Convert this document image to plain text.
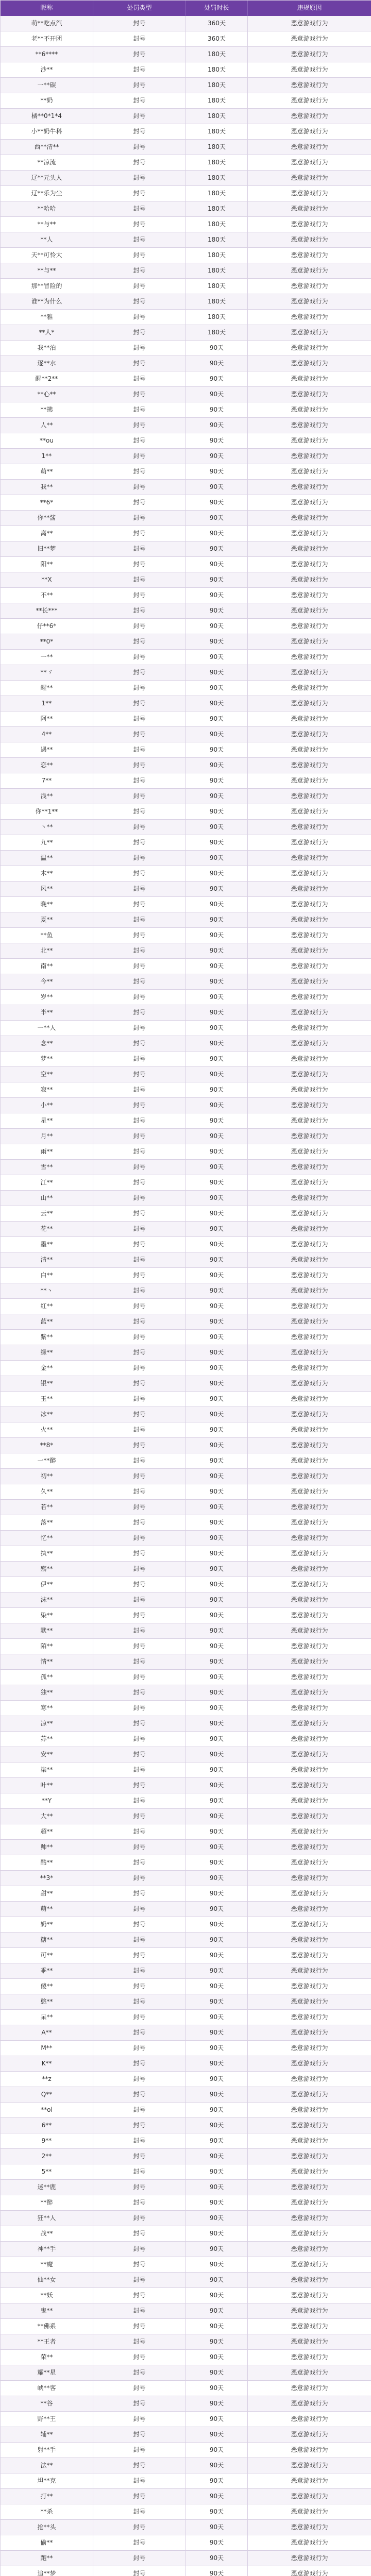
昵称	处罚类型	处罚时长	违规原因
萌**吃点汽	封号	360天	恶意游戏行为
老**不开团	封号	360天	恶意游戏行为
**6****	封号	180天	恶意游戏行为
沙**	封号	180天	恶意游戏行为
一**碳	封号	180天	恶意游戏行为
**奶	封号	180天	恶意游戏行为
橘**0*1*4	封号	180天	恶意游戏行为
小**奶牛科	封号	180天	恶意游戏行为
西**清**	封号	180天	恶意游戏行为
**凉流	封号	180天	恶意游戏行为
辽**元头人	封号	180天	恶意游戏行为
辽**乐为尘	封号	180天	恶意游戏行为
**哈哈	封号	180天	恶意游戏行为
**与**	封号	180天	恶意游戏行为
**人	封号	180天	恶意游戏行为
天**可怜大	封号	180天	恶意游戏行为
**与**	封号	180天	恶意游戏行为
那**冒险的	封号	180天	恶意游戏行为
谁**为什么	封号	180天	恶意游戏行为
**雅	封号	180天	恶意游戏行为
**人*	封号	180天	恶意游戏行为
我**泊	封号	90天	恶意游戏行为
逐**水	封号	90天	恶意游戏行为
醒**2**	封号	90天	恶意游戏行为
**心**	封号	90天	恶意游戏行为
**拂	封号	90天	恶意游戏行为
人**	封号	90天	恶意游戏行为
**ou	封号	90天	恶意游戏行为
1**	封号	90天	恶意游戏行为
萌**	封号	90天	恶意游戏行为
我**	封号	90天	恶意游戏行为
**6*	封号	90天	恶意游戏行为
你**酱	封号	90天	恶意游戏行为
离**	封号	90天	恶意游戏行为
旧**梦	封号	90天	恶意游戏行为
阳**	封号	90天	恶意游戏行为
**X	封号	90天	恶意游戏行为
不**	封号	90天	恶意游戏行为
**长***	封号	90天	恶意游戏行为
仔**6*	封号	90天	恶意游戏行为
**0*	封号	90天	恶意游戏行为
一**	封号	90天	恶意游戏行为
**ゞ	封号	90天	恶意游戏行为
醒**	封号	90天	恶意游戏行为
1**	封号	90天	恶意游戏行为
阿**	封号	90天	恶意游戏行为
4**	封号	90天	恶意游戏行为
遇**	封号	90天	恶意游戏行为
恋**	封号	90天	恶意游戏行为
7**	封号	90天	恶意游戏行为
浅**	封号	90天	恶意游戏行为
你**1**	封号	90天	恶意游戏行为
丶**	封号	90天	恶意游戏行为
九**	封号	90天	恶意游戏行为
温**	封号	90天	恶意游戏行为
木**	封号	90天	恶意游戏行为
风**	封号	90天	恶意游戏行为
晚**	封号	90天	恶意游戏行为
夏**	封号	90天	恶意游戏行为
**鱼	封号	90天	恶意游戏行为
北**	封号	90天	恶意游戏行为
南**	封号	90天	恶意游戏行为
今**	封号	90天	恶意游戏行为
岁**	封号	90天	恶意游戏行为
半**	封号	90天	恶意游戏行为
一**人	封号	90天	恶意游戏行为
念**	封号	90天	恶意游戏行为
梦**	封号	90天	恶意游戏行为
空**	封号	90天	恶意游戏行为
寂**	封号	90天	恶意游戏行为
小**	封号	90天	恶意游戏行为
星**	封号	90天	恶意游戏行为
月**	封号	90天	恶意游戏行为
雨**	封号	90天	恶意游戏行为
雪**	封号	90天	恶意游戏行为
江**	封号	90天	恶意游戏行为
山**	封号	90天	恶意游戏行为
云**	封号	90天	恶意游戏行为
花**	封号	90天	恶意游戏行为
墨**	封号	90天	恶意游戏行为
清**	封号	90天	恶意游戏行为
白**	封号	90天	恶意游戏行为
**丶	封号	90天	恶意游戏行为
红**	封号	90天	恶意游戏行为
蓝**	封号	90天	恶意游戏行为
紫**	封号	90天	恶意游戏行为
绿**	封号	90天	恶意游戏行为
金**	封号	90天	恶意游戏行为
银**	封号	90天	恶意游戏行为
玉**	封号	90天	恶意游戏行为
冰**	封号	90天	恶意游戏行为
火**	封号	90天	恶意游戏行为
**8*	封号	90天	恶意游戏行为
一**醉	封号	90天	恶意游戏行为
初**	封号	90天	恶意游戏行为
久**	封号	90天	恶意游戏行为
若**	封号	90天	恶意游戏行为
落**	封号	90天	恶意游戏行为
忆**	封号	90天	恶意游戏行为
执**	封号	90天	恶意游戏行为
殇**	封号	90天	恶意游戏行为
伊**	封号	90天	恶意游戏行为
沫**	封号	90天	恶意游戏行为
染**	封号	90天	恶意游戏行为
默**	封号	90天	恶意游戏行为
陌**	封号	90天	恶意游戏行为
情**	封号	90天	恶意游戏行为
孤**	封号	90天	恶意游戏行为
独**	封号	90天	恶意游戏行为
寒**	封号	90天	恶意游戏行为
凉**	封号	90天	恶意游戏行为
苏**	封号	90天	恶意游戏行为
安**	封号	90天	恶意游戏行为
柒**	封号	90天	恶意游戏行为
叶**	封号	90天	恶意游戏行为
**Y	封号	90天	恶意游戏行为
大**	封号	90天	恶意游戏行为
超**	封号	90天	恶意游戏行为
帅**	封号	90天	恶意游戏行为
酷**	封号	90天	恶意游戏行为
**3*	封号	90天	恶意游戏行为
甜**	封号	90天	恶意游戏行为
萌**	封号	90天	恶意游戏行为
奶**	封号	90天	恶意游戏行为
糖**	封号	90天	恶意游戏行为
可**	封号	90天	恶意游戏行为
乖**	封号	90天	恶意游戏行为
傻**	封号	90天	恶意游戏行为
憨**	封号	90天	恶意游戏行为
呆**	封号	90天	恶意游戏行为
A**	封号	90天	恶意游戏行为
M**	封号	90天	恶意游戏行为
K**	封号	90天	恶意游戏行为
**z	封号	90天	恶意游戏行为
Q**	封号	90天	恶意游戏行为
**ol	封号	90天	恶意游戏行为
6**	封号	90天	恶意游戏行为
9**	封号	90天	恶意游戏行为
2**	封号	90天	恶意游戏行为
5**	封号	90天	恶意游戏行为
迷**鹿	封号	90天	恶意游戏行为
**醉	封号	90天	恶意游戏行为
狂**人	封号	90天	恶意游戏行为
战**	封号	90天	恶意游戏行为
神**手	封号	90天	恶意游戏行为
**魔	封号	90天	恶意游戏行为
仙**女	封号	90天	恶意游戏行为
**妖	封号	90天	恶意游戏行为
鬼**	封号	90天	恶意游戏行为
**佛系	封号	90天	恶意游戏行为
**王者	封号	90天	恶意游戏行为
荣**	封号	90天	恶意游戏行为
耀**星	封号	90天	恶意游戏行为
峡**客	封号	90天	恶意游戏行为
**谷	封号	90天	恶意游戏行为
野**王	封号	90天	恶意游戏行为
辅**	封号	90天	恶意游戏行为
射**手	封号	90天	恶意游戏行为
法**	封号	90天	恶意游戏行为
坦**克	封号	90天	恶意游戏行为
打**	封号	90天	恶意游戏行为
**杀	封号	90天	恶意游戏行为
抢**头	封号	90天	恶意游戏行为
偷**	封号	90天	恶意游戏行为
跑**	封号	90天	恶意游戏行为
追**梦	封号	90天	恶意游戏行为
